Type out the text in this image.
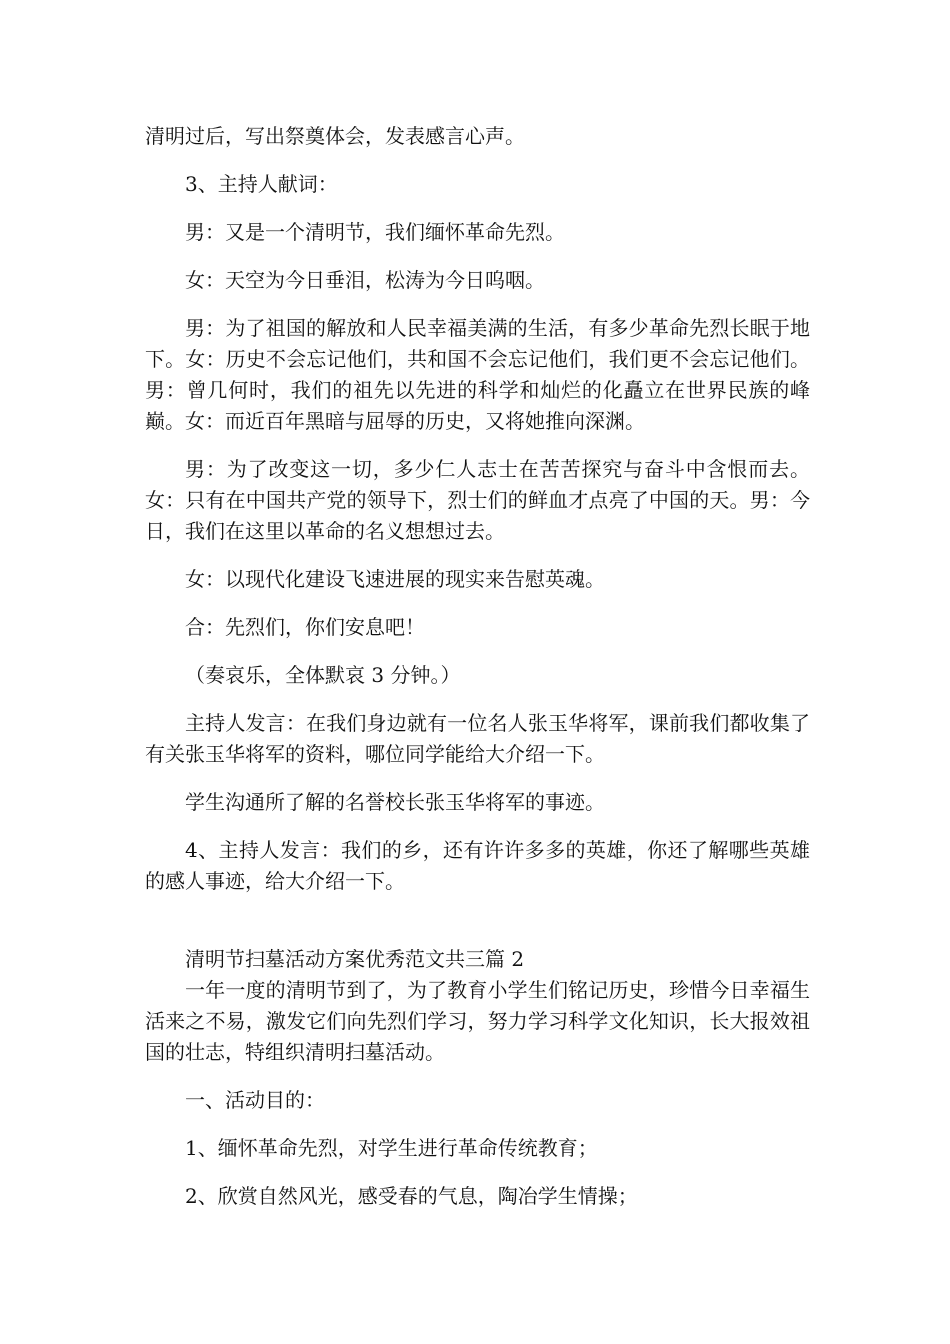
清明过后，写出祭奠体会，发表感言心声。

3、主持人献词：

男：又是一个清明节，我们缅怀革命先烈。

女：天空为今日垂泪，松涛为今日呜咽。

男：为了祖国的解放和人民幸福美满的生活，有多少革命先烈长眠于地下。女：历史不会忘记他们，共和国不会忘记他们，我们更不会忘记他们。男：曾几何时，我们的祖先以先进的科学和灿烂的化矗立在世界民族的峰巅。女：而近百年黑暗与屈辱的历史，又将她推向深渊。

男：为了改变这一切，多少仁人志士在苦苦探究与奋斗中含恨而去。女：只有在中国共产党的领导下，烈士们的鲜血才点亮了中国的天。男：今日，我们在这里以革命的名义想想过去。

女：以现代化建设飞速进展的现实来告慰英魂。

合：先烈们，你们安息吧！

（奏哀乐，全体默哀 3 分钟。）

主持人发言：在我们身边就有一位名人张玉华将军，课前我们都收集了有关张玉华将军的资料，哪位同学能给大介绍一下。

学生沟通所了解的名誉校长张玉华将军的事迹。

4、主持人发言：我们的乡，还有许许多多的英雄，你还了解哪些英雄的感人事迹，给大介绍一下。

清明节扫墓活动方案优秀范文共三篇 2

一年一度的清明节到了，为了教育小学生们铭记历史，珍惜今日幸福生活来之不易，激发它们向先烈们学习，努力学习科学文化知识，长大报效祖国的壮志，特组织清明扫墓活动。

一、活动目的：

1、缅怀革命先烈，对学生进行革命传统教育；

2、欣赏自然风光，感受春的气息，陶冶学生情操；
